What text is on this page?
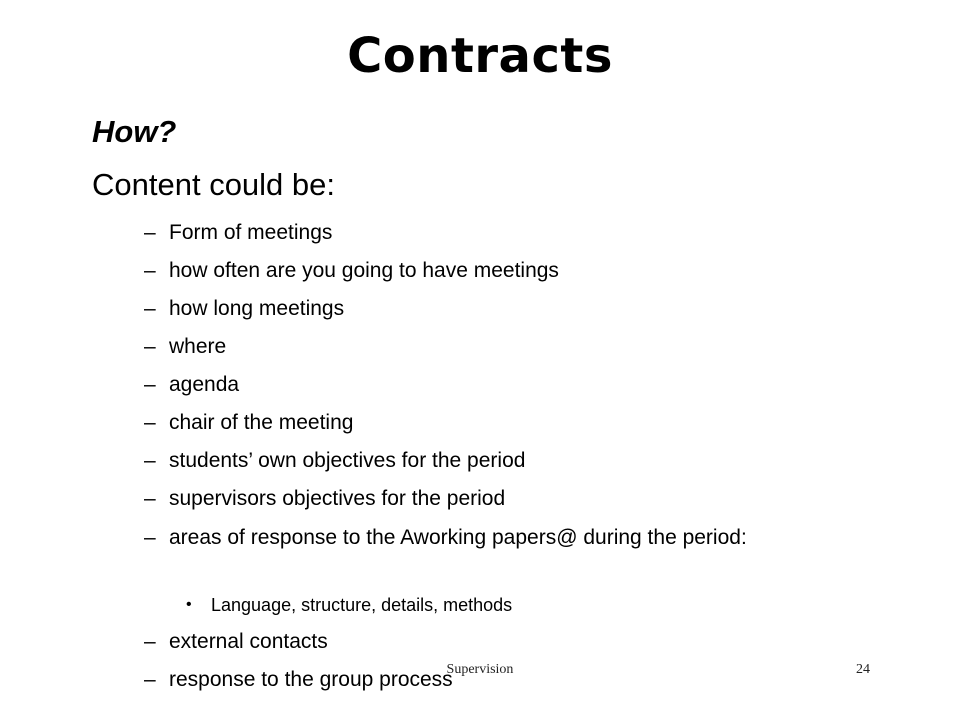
Contracts
How?
Content could be:
– Form of meetings
– how often are you going to have meetings
– how long meetings
– where
– agenda
– chair of the meeting
– students’ own objectives for the period
– supervisors objectives for the period
– areas of response to the Aworking papers@ during the period:
– external contacts
– response to the group process
• Language, structure, details, methods
Supervision	24
